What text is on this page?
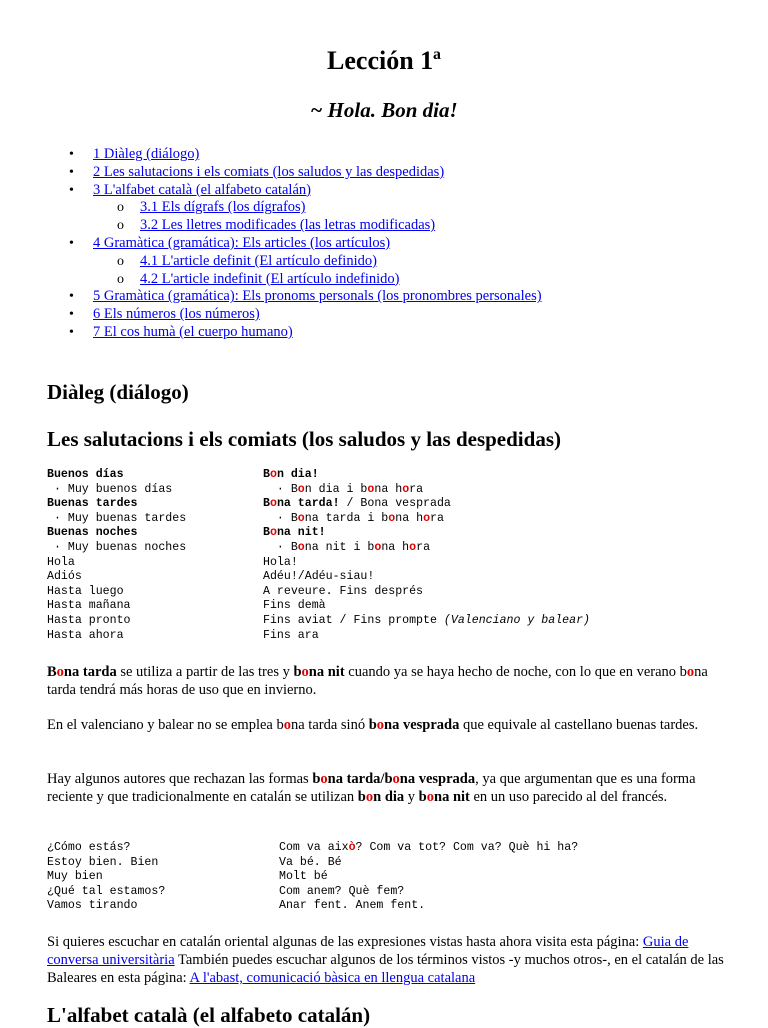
Lección 1ª
~ Hola. Bon dia!
• 1 Diàleg (diálogo)
• 2 Les salutacions i els comiats (los saludos y las despedidas)
• 3 L'alfabet català (el alfabeto catalán)
o 3.1 Els dígrafs (los dígrafos)
o 3.2 Les lletres modificades (las letras modificadas)
• 4 Gramàtica (gramática): Els articles (los artículos)
o 4.1 L'article definit (El artículo definido)
o 4.2 L'article indefinit (El artículo indefinido)
• 5 Gramàtica (gramática): Els pronoms personals (los pronombres personales)
• 6 Els números (los números)
• 7 El cos humà (el cuerpo humano)
Diàleg (diálogo)
Les salutacions i els comiats (los saludos y las despedidas)
Buenos días	Bon dia!
· Muy buenos días	· Bon dia i bona hora
Buenas tardes	Bona tarda! / Bona vesprada
· Muy buenas tardes	· Bona tarda i bona hora
Buenas noches	Bona nit!
· Muy buenas noches	· Bona nit i bona hora
Hola	Hola!
Adiós	Adéu!/Adéu-siau!
Hasta luego	A reveure. Fins després
Hasta mañana	Fins demà
Hasta pronto	Fins aviat / Fins prompte (Valenciano y balear)
Hasta ahora	Fins ara
Bona tarda se utiliza a partir de las tres y bona nit cuando ya se haya hecho de noche, con lo que en verano bona tarda tendrá más horas de uso que en invierno.
En el valenciano y balear no se emplea bona tarda sinó bona vesprada que equivale al castellano buenas tardes.
Hay algunos autores que rechazan las formas bona tarda/bona vesprada, ya que argumentan que es una forma reciente y que tradicionalmente en catalán se utilizan bon dia y bona nit en un uso parecido al del francés.
¿Cómo estás?	Com va això? Com va tot? Com va? Què hi ha?
Estoy bien. Bien	Va bé. Bé
Muy bien	Molt bé
¿Qué tal estamos?	Com anem? Què fem?
Vamos tirando	Anar fent. Anem fent.
Si quieres escuchar en catalán oriental algunas de las expresiones vistas hasta ahora visita esta página: Guia de conversa universitària También puedes escuchar algunos de los términos vistos -y muchos otros-, en el catalán de las Baleares en esta página: A l'abast, comunicació bàsica en llengua catalana
L'alfabet català (el alfabeto catalán)
